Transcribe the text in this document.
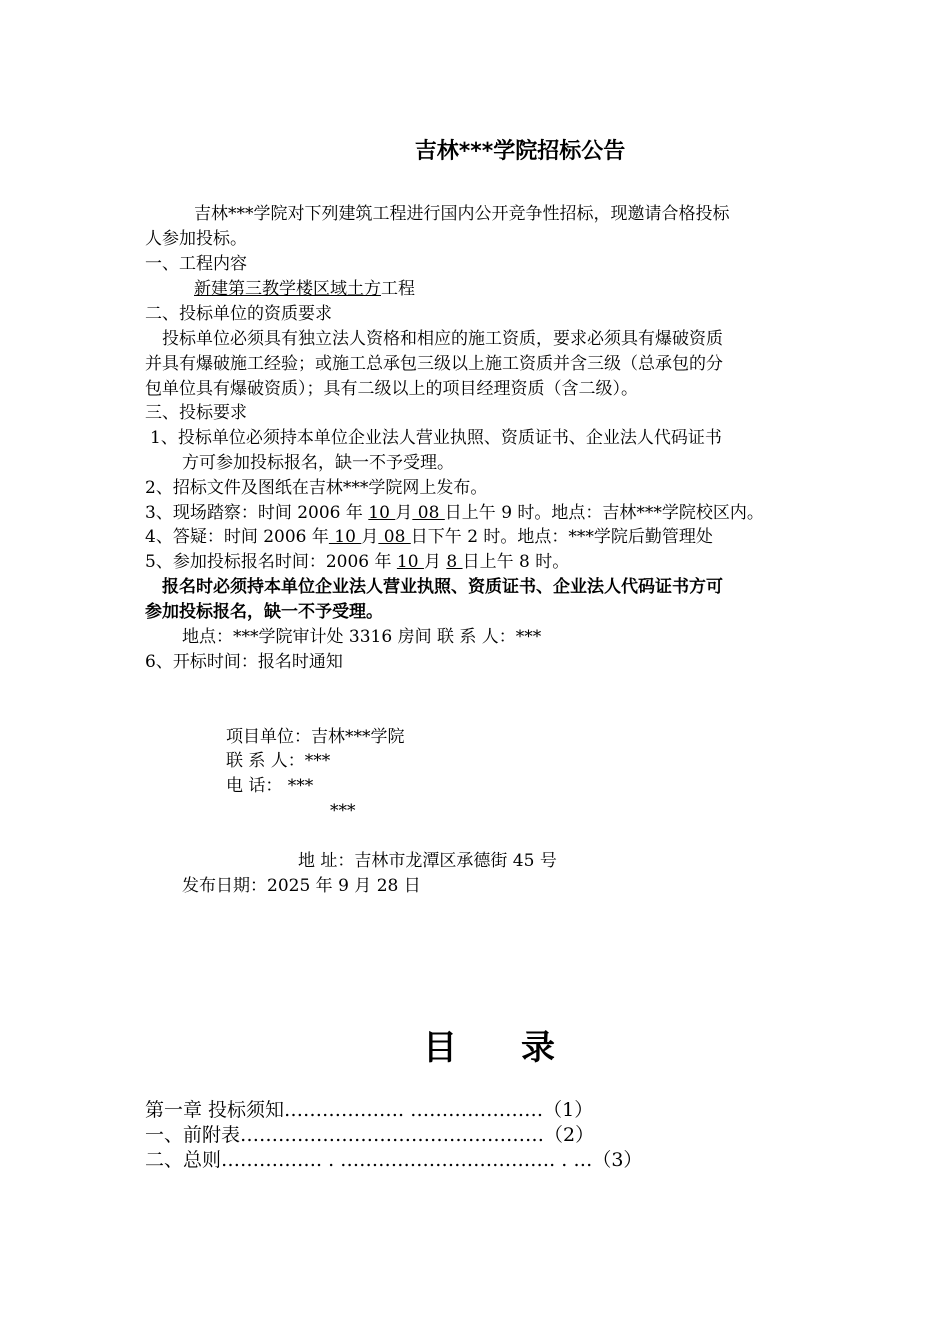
吉林***学院招标公告
吉林***学院对下列建筑工程进行国内公开竞争性招标，现邀请合格投标
人参加投标。
一、工程内容
新建第三教学楼区域土方工程
二、投标单位的资质要求
投标单位必须具有独立法人资格和相应的施工资质，要求必须具有爆破资质
并具有爆破施工经验；或施工总承包三级以上施工资质并含三级（总承包的分
包单位具有爆破资质）；具有二级以上的项目经理资质（含二级）。
三、投标要求
1、投标单位必须持本单位企业法人营业执照、资质证书、企业法人代码证书
方可参加投标报名，缺一不予受理。
2、招标文件及图纸在吉林***学院网上发布。
3、现场踏察：时间 2006 年 10 月 08 日上午 9 时。地点：吉林***学院校区内。
4、答疑：时间 2006 年 10 月 08 日下午 2 时。地点：***学院后勤管理处
5、参加投标报名时间：2006 年 10 月 8 日上午 8 时。
报名时必须持本单位企业法人营业执照、资质证书、企业法人代码证书方可
参加投标报名，缺一不予受理。
地点：***学院审计处 3316 房间 联 系 人：***
6、开标时间：报名时通知
项目单位：吉林***学院
联 系 人：***
电 话： ***
***
地 址：吉林市龙潭区承德街 45 号
发布日期：2025 年 9 月 28 日
目 录
第一章 投标须知………………. …………………（1）
一、前附表…………………………………………（2）
二、总则……………. . ……………………………. . …（3）
